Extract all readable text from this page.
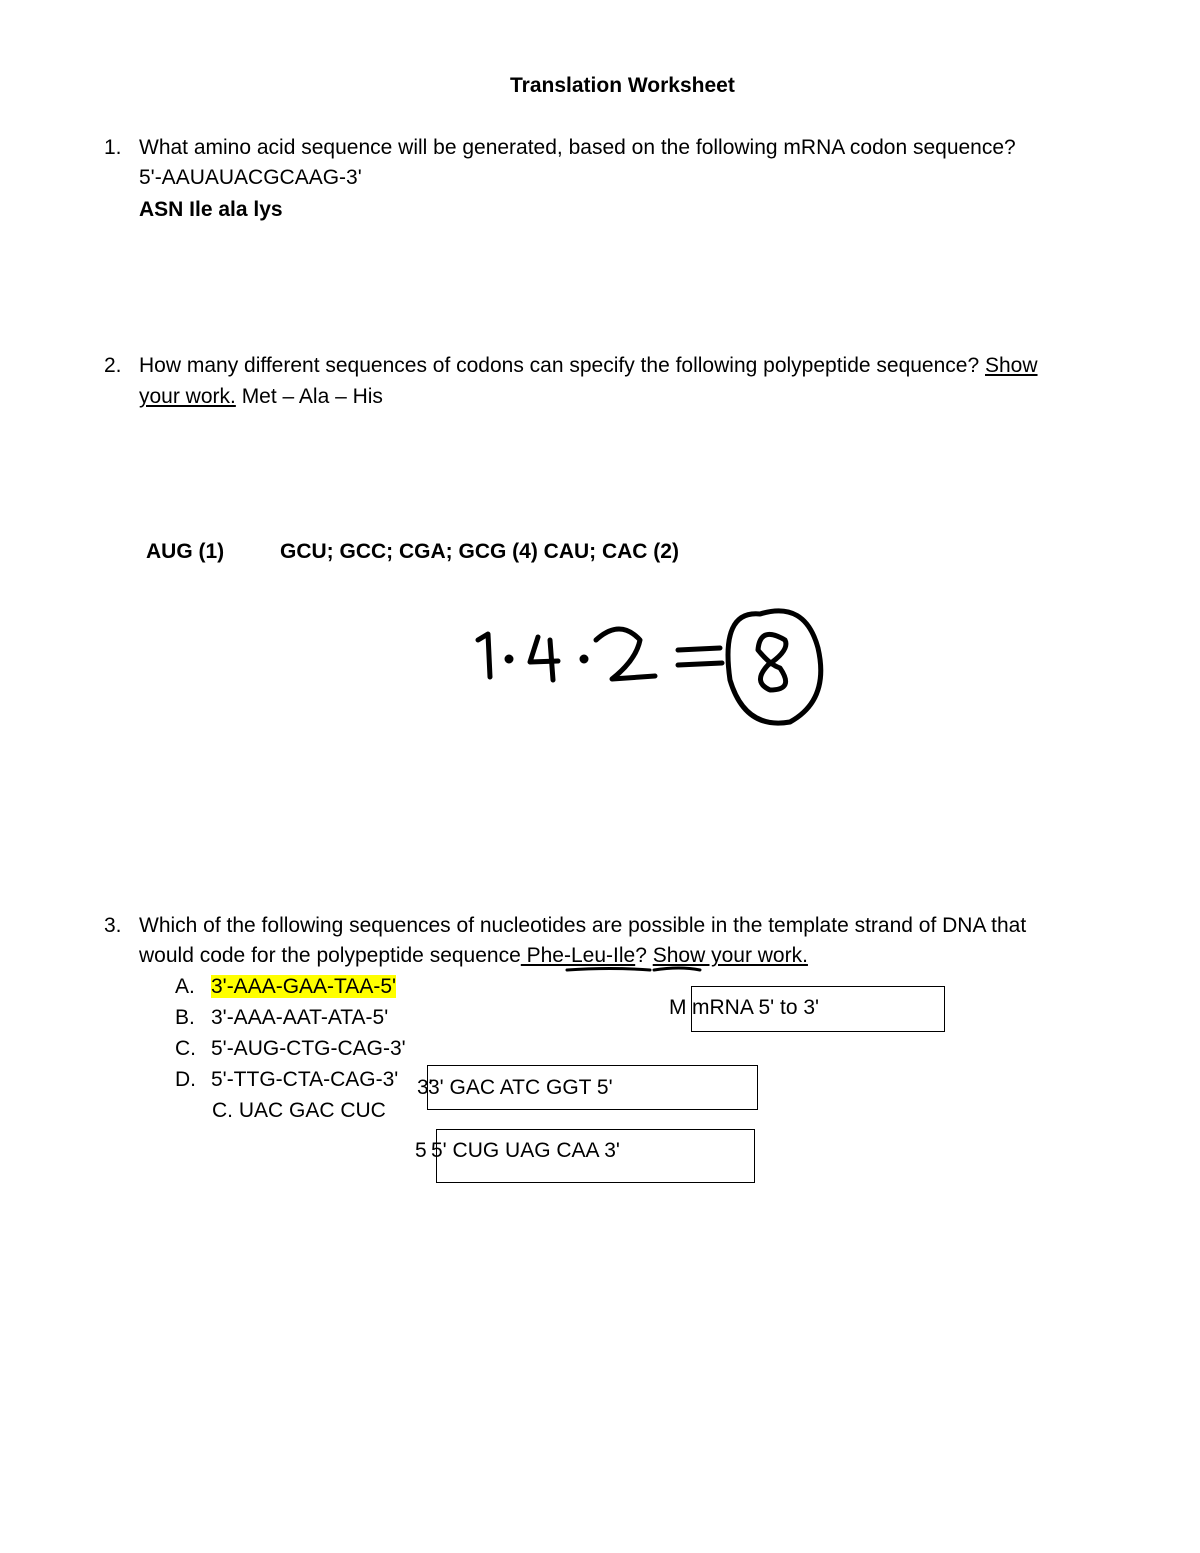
Translation Worksheet
1. What amino acid sequence will be generated, based on the following mRNA codon sequence?
5'-AAUAUACGCAAG-3'
ASN Ile ala lys
2. How many different sequences of codons can specify the following polypeptide sequence? Show
your work. Met – Ala – His
AUG (1)	GCU; GCC; CGA; GCG (4) CAU; CAC (2)
3. Which of the following sequences of nucleotides are possible in the template strand of DNA that
would code for the polypeptide sequence Phe-Leu-Ile? Show your work.
A. 3'-AAA-GAA-TAA-5'
B. 3'-AAA-AAT-ATA-5'
C. 5'-AUG-CTG-CAG-3'
D. 5'-TTG-CTA-CAG-3'
C. UAC GAC CUC
M mRNA 5' to 3'
3'
3' GAC ATC GGT 5'
5 5' CUG UAG CAA 3'
